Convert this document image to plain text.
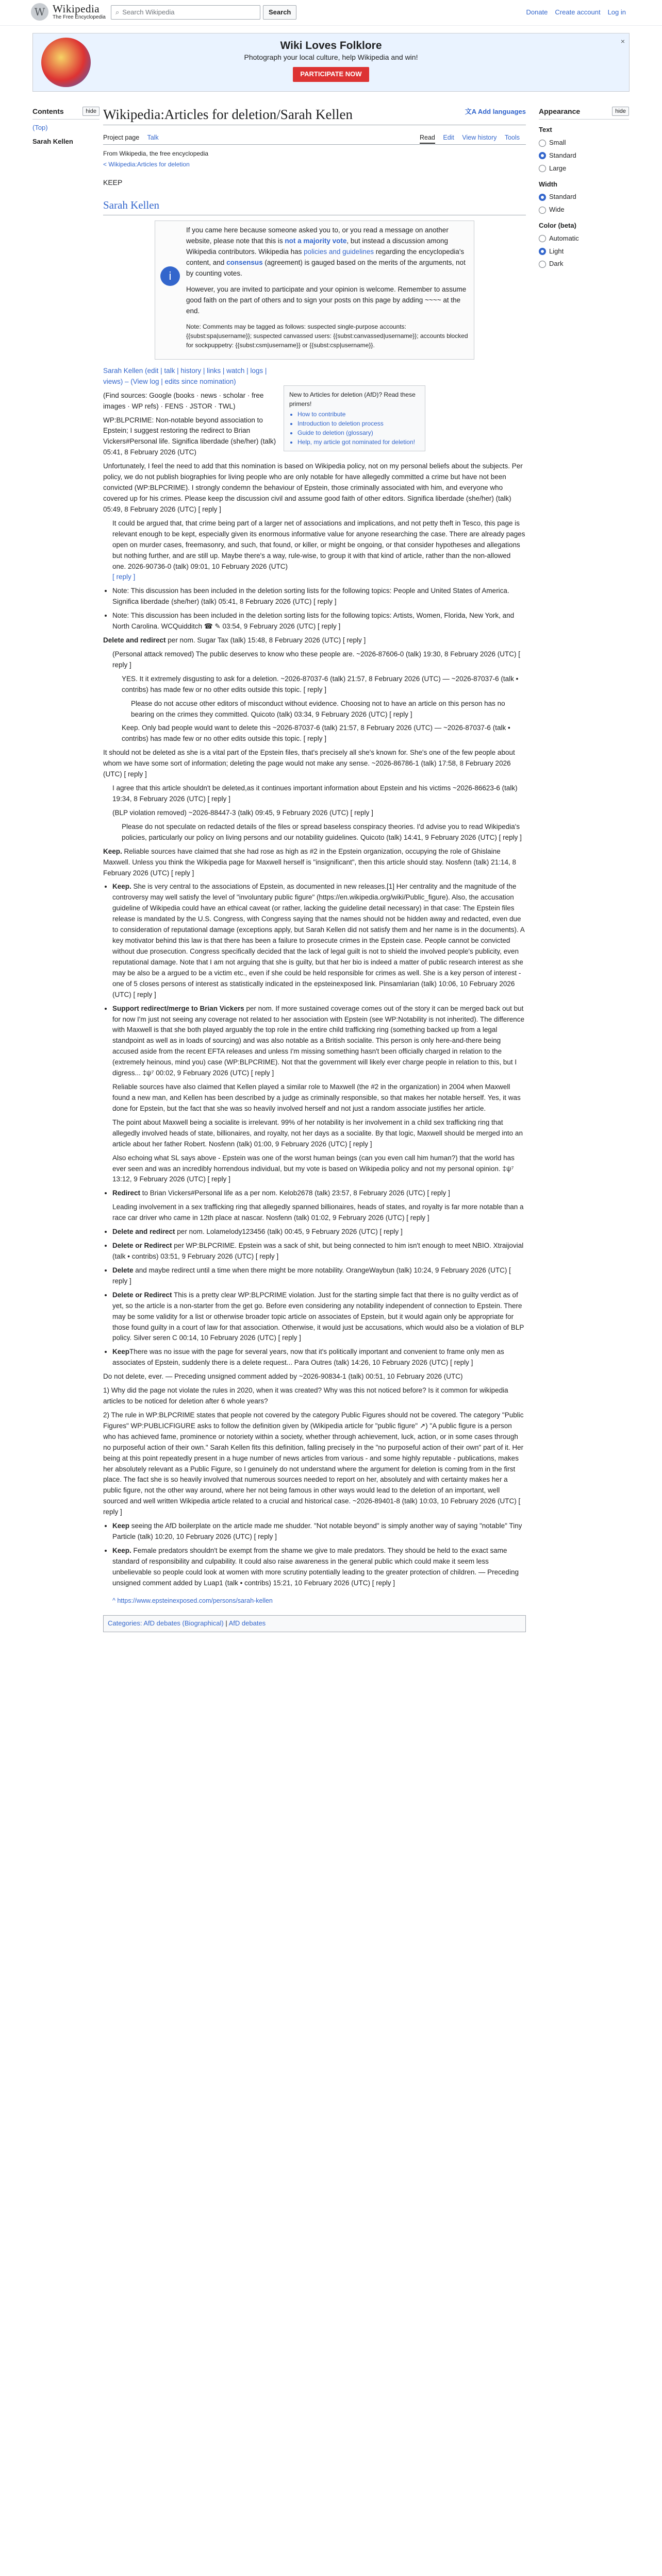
W Wikipedia
The Free Encyclopedia
⌕ Search Wikipedia	Search	Donate Create account Log in
Wiki Loves Folklore
Photograph your local culture, help Wikipedia and win!
PARTICIPATE NOW
×
Contents	hide
(Top)
Sarah Kellen
Wikipedia:Articles for deletion/Sarah Kellen	文A Add languages
Project page Talk	Read Edit View history Tools
From Wikipedia, the free encyclopedia
< Wikipedia:Articles for deletion
KEEP
Sarah Kellen
i

If you came here because someone asked you to, or you read a message on another website, please note that this is not a majority vote, but instead a discussion among Wikipedia contributors. Wikipedia has policies and guidelines regarding the encyclopedia's content, and consensus (agreement) is gauged based on the merits of the arguments, not by counting votes.

However, you are invited to participate and your opinion is welcome. Remember to assume good faith on the part of others and to sign your posts on this page by adding ~~~~ at the end.

Note: Comments may be tagged as follows: suspected single-purpose accounts: {{subst:spa|username}}; suspected canvassed users: {{subst:canvassed|username}}; accounts blocked for sockpuppetry: {{subst:csm|username}} or {{subst:csp|username}}.

Sarah Kellen (edit | talk | history | links | watch | logs | views) – (View log | edits since nomination)

(Find sources: Google (books · news · scholar · free images · WP refs) · FENS · JSTOR · TWL)

WP:BLPCRIME: Non-notable beyond association to Epstein; I suggest restoring the redirect to Brian Vickers#Personal life. Significa liberdade (she/her) (talk) 05:41, 8 February 2026 (UTC)

Unfortunately, I feel the need to add that this nomination is based on Wikipedia policy, not on my personal beliefs about the subjects. Per policy, we do not publish biographies for living people who are only notable for have allegedly committed a crime but have not been convicted (WP:BLPCRIME). I strongly condemn the behaviour of Epstein, those criminally associated with him, and everyone who covered up for his crimes. Please keep the discussion civil and assume good faith of other editors. Significa liberdade (she/her) (talk) 05:49, 8 February 2026 (UTC) [ reply ]

It could be argued that, that crime being part of a larger net of associations and implications, and not petty theft in Tesco, this page is relevant enough to be kept, especially given its enormous informative value for anyone researching the case. There are already pages open on murder cases, freemasonry, and such, that found, or killer, or might be ongoing, or that consider hypotheses and allegations but nothing further, and are still up. Maybe there's a way, rule-wise, to group it with that kind of article, rather than the non-allowed one. 2026-90736-0 (talk) 09:01, 10 February 2026 (UTC)
[ reply ]

• Note: This discussion has been included in the deletion sorting lists for the following topics: People and United States of America. Significa liberdade (she/her) (talk) 05:41, 8 February 2026 (UTC) [ reply ]
• Note: This discussion has been included in the deletion sorting lists for the following topics: Artists, Women, Florida, New York, and North Carolina. WCQuidditch ☎ ✎ 03:54, 9 February 2026 (UTC) [ reply ]

Delete and redirect per nom. Sugar Tax (talk) 15:48, 8 February 2026 (UTC) [ reply ]

(Personal attack removed) The public deserves to know who these people are. ~2026-87606-0 (talk) 19:30, 8 February 2026 (UTC) [ reply ]

YES. It it extremely disgusting to ask for a deletion. ~2026-87037-6 (talk) 21:57, 8 February 2026 (UTC) — ~2026-87037-6 (talk • contribs) has made few or no other edits outside this topic. [ reply ]

Please do not accuse other editors of misconduct without evidence. Choosing not to have an article on this person has no bearing on the crimes they committed. Quicoto (talk) 03:34, 9 February 2026 (UTC) [ reply ]

Keep. Only bad people would want to delete this ~2026-87037-6 (talk) 21:57, 8 February 2026 (UTC) — ~2026-87037-6 (talk • contribs) has made few or no other edits outside this topic. [ reply ]

It should not be deleted as she is a vital part of the Epstein files, that's precisely all she's known for. She's one of the few people about whom we have some sort of information; deleting the page would not make any sense. ~2026-86786-1 (talk) 17:58, 8 February 2026 (UTC) [ reply ]

I agree that this article shouldn't be deleted,as it continues important information about Epstein and his victims ~2026-86623-6 (talk) 19:34, 8 February 2026 (UTC) [ reply ]

(BLP violation removed) ~2026-88447-3 (talk) 09:45, 9 February 2026 (UTC) [ reply ]

Please do not speculate on redacted details of the files or spread baseless conspiracy theories. I'd advise you to read Wikipedia's policies, particularly our policy on living persons and our notability guidelines. Quicoto (talk) 14:41, 9 February 2026 (UTC) [ reply ]

Keep. Reliable sources have claimed that she had rose as high as #2 in the Epstein organization, occupying the role of Ghislaine Maxwell. Unless you think the Wikipedia page for Maxwell herself is "insignificant", then this article should stay. Nosfenn (talk) 21:14, 8 February 2026 (UTC) [ reply ]

• Keep. She is very central to the associations of Epstein, as documented in new releases.[1] Her centrality and the magnitude of the controversy may well satisfy the level of "involuntary public figure" (https://en.wikipedia.org/wiki/Public_figure). Also, the accusation guideline of Wikipedia could have an ethical caveat (or rather, lacking the guideline detail necessary) in that case: The Epstein files release is mandated by the U.S. Congress, with Congress saying that the names should not be hidden away and redacted, even due to consideration of reputational damage (exceptions apply, but Sarah Kellen did not satisfy them and her name is in the documents). A key motivator behind this law is that there has been a failure to prosecute crimes in the Epstein case. People cannot be convicted without due prosecution. Congress specifically decided that the lack of legal guilt is not to shield the involved people's publicity, even reputational damage. Note that I am not arguing that she is guilty, but that her bio is indeed a matter of public research interest as she may be also be a argued to be a victim etc., even if she could be held responsible for crimes as well. She is a key person of interest - one of 5 closes persons of interest as statistically indicated in the epsteinexposed link. Pinsamlarian (talk) 10:06, 10 February 2026 (UTC) [ reply ]
• Support redirect/merge to Brian Vickers per nom. If more sustained coverage comes out of the story it can be merged back out but for now I'm just not seeing any coverage not related to her association with Epstein (see WP:Notability is not inherited). The difference with Maxwell is that she both played arguably the top role in the entire child trafficking ring (something backed up from a legal standpoint as well as in loads of sourcing) and was also notable as a British socialite. This person is only here-and-there being accused aside from the recent EFTA releases and unless I'm missing something hasn't been officially charged in relation to the (extremely heinous, mind you) case (WP:BLPCRIME). Not that the government will likely ever charge people in relation to this, but I digress... ‡ψ⁷ 00:02, 9 February 2026 (UTC) [ reply ]

Reliable sources have also claimed that Kellen played a similar role to Maxwell (the #2 in the organization) in 2004 when Maxwell found a new man, and Kellen has been described by a judge as criminally responsible, so that makes her notable herself. Yes, it was done for Epstein, but the fact that she was so heavily involved herself and not just a random associate justifies her article.

The point about Maxwell being a socialite is irrelevant. 99% of her notability is her involvement in a child sex trafficking ring that allegedly involved heads of state, billionaires, and royalty, not her days as a socialite. By that logic, Maxwell should be merged into an article about her father Robert. Nosfenn (talk) 01:00, 9 February 2026 (UTC) [ reply ]

Also echoing what SL says above - Epstein was one of the worst human beings (can you even call him human?) that the world has ever seen and was an incredibly horrendous individual, but my vote is based on Wikipedia policy and not my personal opinion. ‡ψ⁷ 13:12, 9 February 2026 (UTC) [ reply ]

• Redirect to Brian Vickers#Personal life as a per nom. Kelob2678 (talk) 23:57, 8 February 2026 (UTC) [ reply ]

Leading involvement in a sex trafficking ring that allegedly spanned billionaires, heads of states, and royalty is far more notable than a race car driver who came in 12th place at nascar. Nosfenn (talk) 01:02, 9 February 2026 (UTC) [ reply ]

• Delete and redirect per nom. Lolamelody123456 (talk) 00:45, 9 February 2026 (UTC) [ reply ]
• Delete or Redirect per WP:BLPCRIME. Epstein was a sack of shit, but being connected to him isn't enough to meet NBIO. Xtraijovial (talk • contribs) 03:51, 9 February 2026 (UTC) [ reply ]
• Delete and maybe redirect until a time when there might be more notability. OrangeWaybun (talk) 10:24, 9 February 2026 (UTC) [ reply ]
• Delete or Redirect This is a pretty clear WP:BLPCRIME violation. Just for the starting simple fact that there is no guilty verdict as of yet, so the article is a non-starter from the get go. Before even considering any notability independent of connection to Epstein. There may be some validity for a list or otherwise broader topic article on associates of Epstein, but it would again only be appropriate for those found guilty in a court of law for that association. Otherwise, it would just be accusations, which would also be a violation of BLP policy. Silver seren C 00:14, 10 February 2026 (UTC) [ reply ]
• KeepThere was no issue with the page for several years, now that it's politically important and convenient to frame only men as associates of Epstein, suddenly there is a delete request... Para Outres (talk) 14:26, 10 February 2026 (UTC) [ reply ]

Do not delete, ever. — Preceding unsigned comment added by ~2026-90834-1 (talk) 00:51, 10 February 2026 (UTC)

1) Why did the page not violate the rules in 2020, when it was created? Why was this not noticed before? Is it common for wikipedia articles to be noticed for deletion after 6 whole years?

2) The rule in WP:BLPCRIME states that people not covered by the category Public Figures should not be covered. The category "Public Figures" WP:PUBLICFIGURE asks to follow the definition given by (Wikipedia article for "public figure" ↗) "A public figure is a person who has achieved fame, prominence or notoriety within a society, whether through achievement, luck, action, or in some cases through no purposeful action of their own." Sarah Kellen fits this definition, falling precisely in the "no purposeful action of their own" part of it. Her being at this point repeatedly present in a huge number of news articles from various - and some highly reputable - publications, makes her absolutely relevant as a Public Figure, so I genuinely do not understand where the argument for deletion is coming from in the first place. The fact she is so heavily involved that numerous sources needed to report on her, absolutely and with certainty makes her a public figure, not the other way around, where her not being famous in other ways would lead to the deletion of an important, well sourced and well written Wikipedia article related to a crucial and historical case. ~2026-89401-8 (talk) 10:03, 10 February 2026 (UTC) [ reply ]

• Keep seeing the AfD boilerplate on the article made me shudder. "Not notable beyond" is simply another way of saying "notable" Tiny Particle (talk) 10:20, 10 February 2026 (UTC) [ reply ]
• Keep. Female predators shouldn't be exempt from the shame we give to male predators. They should be held to the exact same standard of responsibility and culpability. It could also raise awareness in the general public which could make it seem less unbelievable so people could look at women with more scrutiny potentially leading to the greater protection of children. — Preceding unsigned comment added by Luap1 (talk • contribs) 15:21, 10 February 2026 (UTC) [ reply ]
^ https://www.epsteinexposed.com/persons/sarah-kellen
Categories: AfD debates (Biographical) | AfD debates
New to Articles for deletion (AfD)? Read these primers!
• How to contribute
• Introduction to deletion process
• Guide to deletion (glossary)
• Help, my article got nominated for deletion!
Appearance	hide
Text
Small
Standard
Large
Width
Standard
Wide
Color (beta)
Automatic
Light
Dark
